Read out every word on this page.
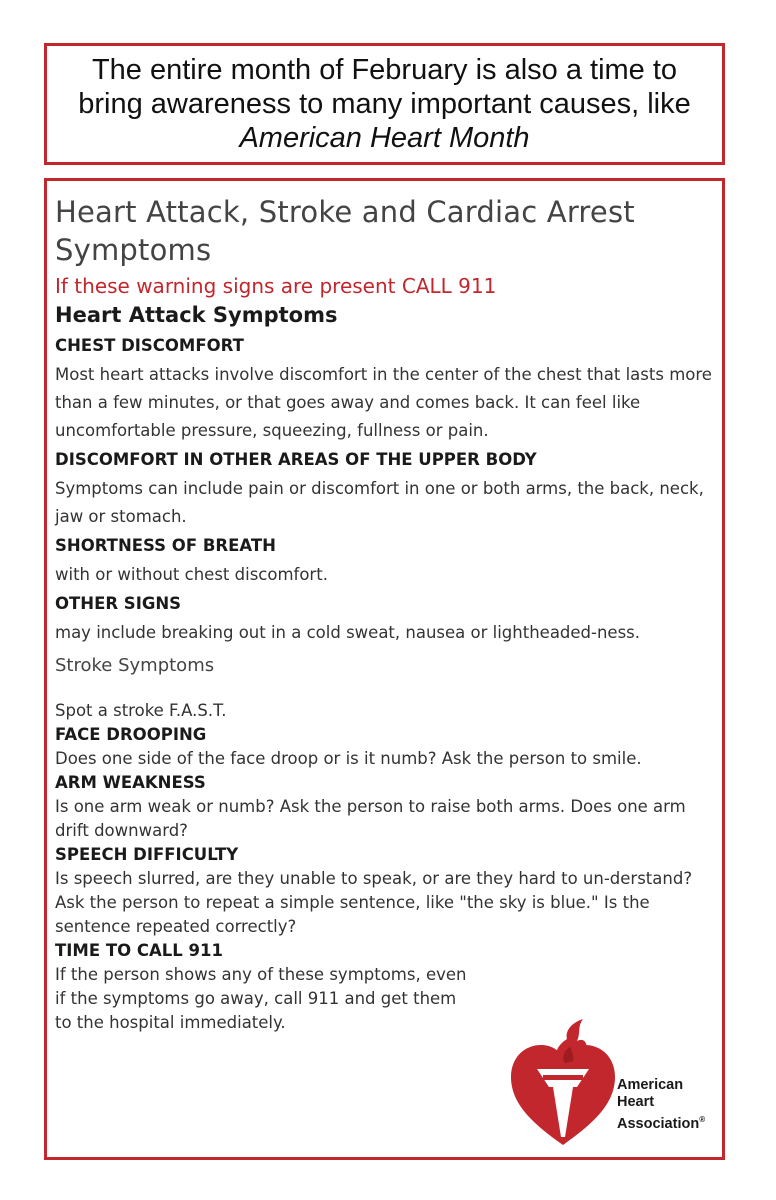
The entire month of February is also a time to bring awareness to many important causes, like American Heart Month

Heart Attack, Stroke and Cardiac Arrest Symptoms
If these warning signs are present CALL 911
Heart Attack Symptoms
CHEST DISCOMFORT
Most heart attacks involve discomfort in the center of the chest that lasts more than a few minutes, or that goes away and comes back. It can feel like uncomfortable pressure, squeezing, fullness or pain.
DISCOMFORT IN OTHER AREAS OF THE UPPER BODY
Symptoms can include pain or discomfort in one or both arms, the back, neck, jaw or stomach.
SHORTNESS OF BREATH
with or without chest discomfort.
OTHER SIGNS
may include breaking out in a cold sweat, nausea or lightheaded-ness.
Stroke Symptoms
Spot a stroke F.A.S.T.
FACE DROOPING
Does one side of the face droop or is it numb? Ask the person to smile.
ARM WEAKNESS
Is one arm weak or numb? Ask the person to raise both arms. Does one arm drift downward?
SPEECH DIFFICULTY
Is speech slurred, are they unable to speak, or are they hard to un-derstand? Ask the person to repeat a simple sentence, like "the sky is blue." Is the sentence repeated correctly?
TIME TO CALL 911
If the person shows any of these symptoms, even if the symptoms go away, call 911 and get them to the hospital immediately.
American
Heart
Association®
